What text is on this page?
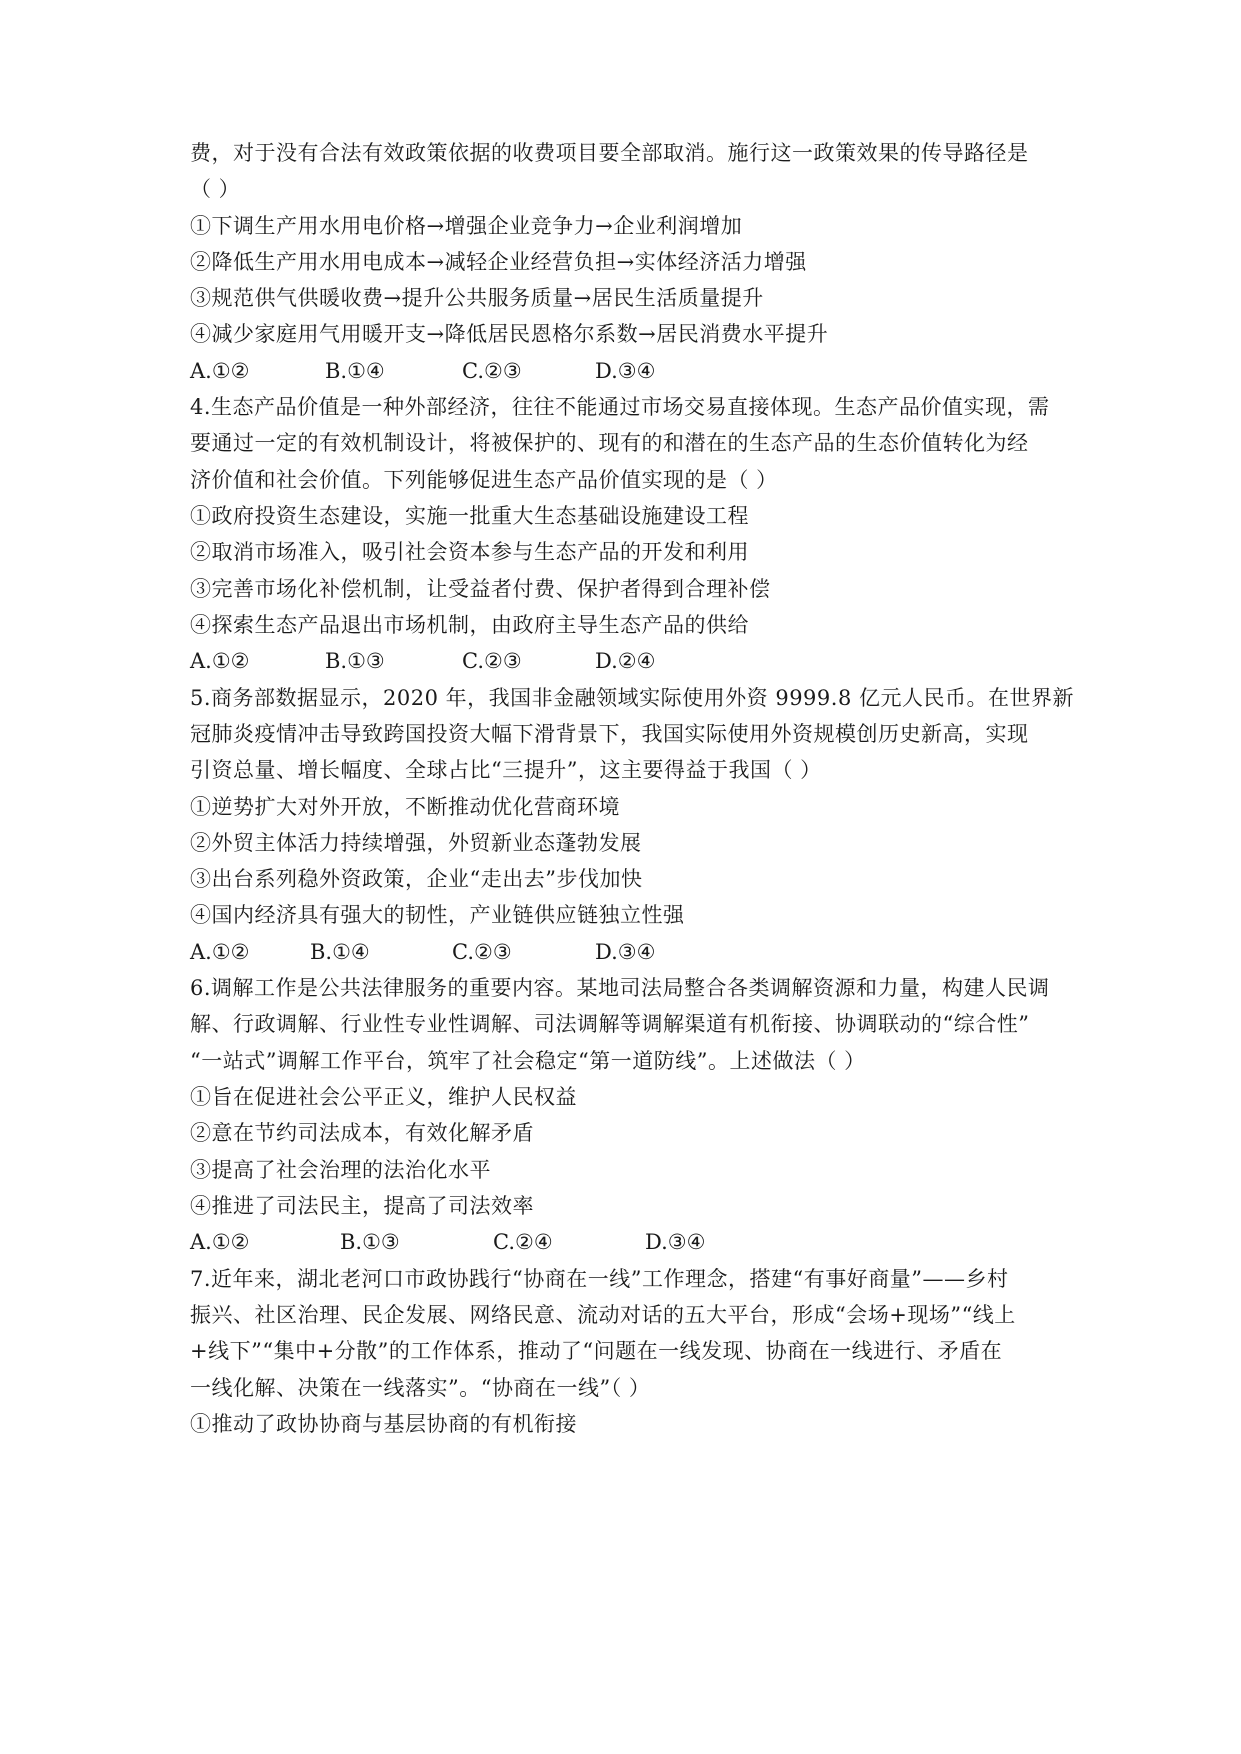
费，对于没有合法有效政策依据的收费项目要全部取消。施行这一政策效果的传导路径是
（ ）
①下调生产用水用电价格→增强企业竞争力→企业利润增加
②降低生产用水用电成本→减轻企业经营负担→实体经济活力增强
③规范供气供暖收费→提升公共服务质量→居民生活质量提升
④减少家庭用气用暖开支→降低居民恩格尔系数→居民消费水平提升
A.①②	B.①④	C.②③	D.③④
4.生态产品价值是一种外部经济，往往不能通过市场交易直接体现。生态产品价值实现，需
要通过一定的有效机制设计，将被保护的、现有的和潜在的生态产品的生态价值转化为经
济价值和社会价值。下列能够促进生态产品价值实现的是（ ）
①政府投资生态建设，实施一批重大生态基础设施建设工程
②取消市场准入，吸引社会资本参与生态产品的开发和利用
③完善市场化补偿机制，让受益者付费、保护者得到合理补偿
④探索生态产品退出市场机制，由政府主导生态产品的供给
A.①②	B.①③	C.②③	D.②④
5.商务部数据显示，2020 年，我国非金融领域实际使用外资 9999.8 亿元人民币。在世界新
冠肺炎疫情冲击导致跨国投资大幅下滑背景下，我国实际使用外资规模创历史新高，实现
引资总量、增长幅度、全球占比“三提升”，这主要得益于我国（ ）
①逆势扩大对外开放，不断推动优化营商环境
②外贸主体活力持续增强，外贸新业态蓬勃发展
③出台系列稳外资政策，企业“走出去”步伐加快
④国内经济具有强大的韧性，产业链供应链独立性强
A.①②	B.①④	C.②③	D.③④
6.调解工作是公共法律服务的重要内容。某地司法局整合各类调解资源和力量，构建人民调
解、行政调解、行业性专业性调解、司法调解等调解渠道有机衔接、协调联动的“综合性”
“一站式”调解工作平台，筑牢了社会稳定“第一道防线”。上述做法（ ）
①旨在促进社会公平正义，维护人民权益
②意在节约司法成本，有效化解矛盾
③提高了社会治理的法治化水平
④推进了司法民主，提高了司法效率
A.①②	B.①③	C.②④	D.③④
7.近年来，湖北老河口市政协践行“协商在一线”工作理念，搭建“有事好商量”——乡村
振兴、社区治理、民企发展、网络民意、流动对话的五大平台，形成“会场+现场”“线上
+线下”“集中+分散”的工作体系，推动了“问题在一线发现、协商在一线进行、矛盾在
一线化解、决策在一线落实”。“协商在一线”（ ）
①推动了政协协商与基层协商的有机衔接
